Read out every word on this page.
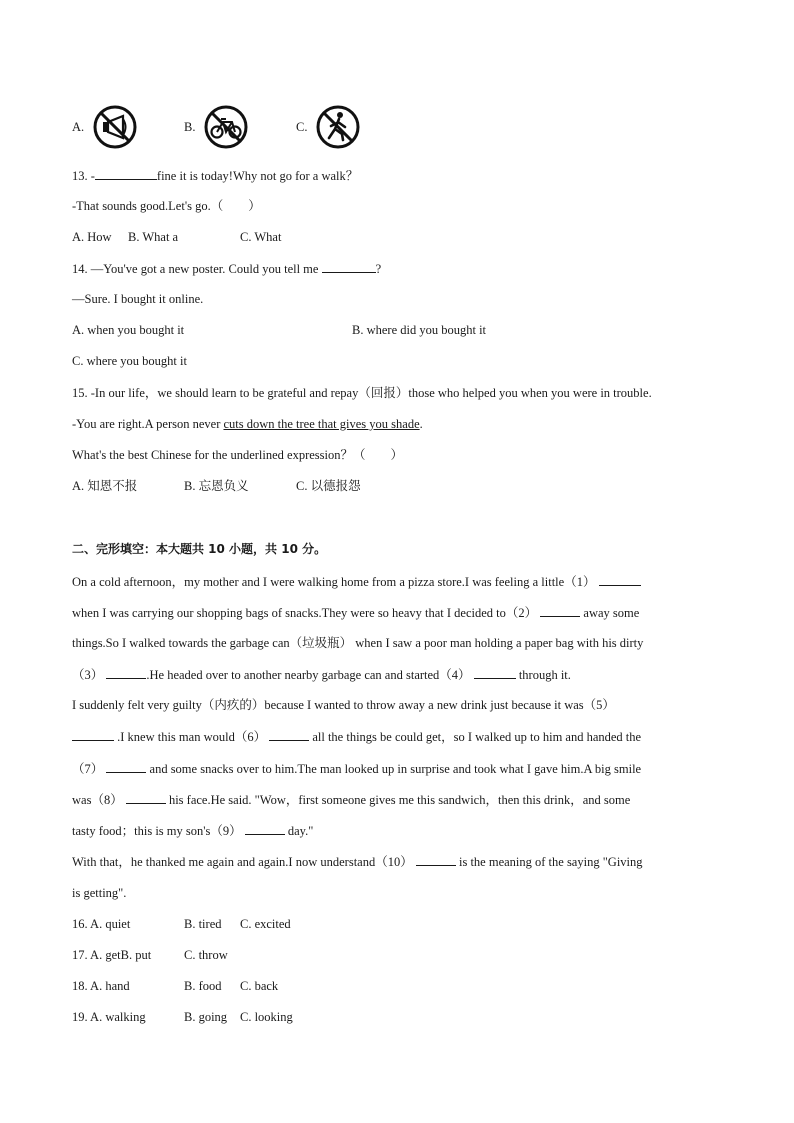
A.	B.	C.
13. -	fine it is today!Why not go for a walk？
-That sounds good.Let's go.（　　）
A. How B. What a	C. What
14. —You've got a new poster. Could you tell me	?
—Sure. I bought it online.
A. when you bought it	B. where did you bought it
C. where you bought it
15. -In our life，we should learn to be grateful and repay（回报）those who helped you when you were in trouble.
-You are right.A person never cuts down the tree that gives you shade.
What's the best Chinese for the underlined expression？（　　）
A. 知恩不报	B. 忘恩负义	C. 以德报怨
二、完形填空：本大题共 10 小题，共 10 分。
On a cold afternoon，my mother and I were walking home from a pizza store.I was feeling a little（1）
when I was carrying our shopping bags of snacks.They were so heavy that I decided to（2）	away some
things.So I walked towards the garbage can（垃圾瓶） when I saw a poor man holding a paper bag with his dirty
（3）	.He headed over to another nearby garbage can and started（4）	through it.
I suddenly felt very guilty（内疚的）because I wanted to throw away a new drink just because it was（5）
.I knew this man would（6）	all the things be could get，so I walked up to him and handed the
（7）	and some snacks over to him.The man looked up in surprise and took what I gave him.A big smile
was（8）	his face.He said. "Wow，first someone gives me this sandwich，then this drink，and some
tasty food；this is my son's（9）	day."
With that，he thanked me again and again.I now understand（10）	is the meaning of the saying "Giving
is getting".
16. A. quiet	B. tired C. excited
17. A. getB. put	C. throw
18. A. hand	B. food C. back
19. A. walking	B. going C. looking
